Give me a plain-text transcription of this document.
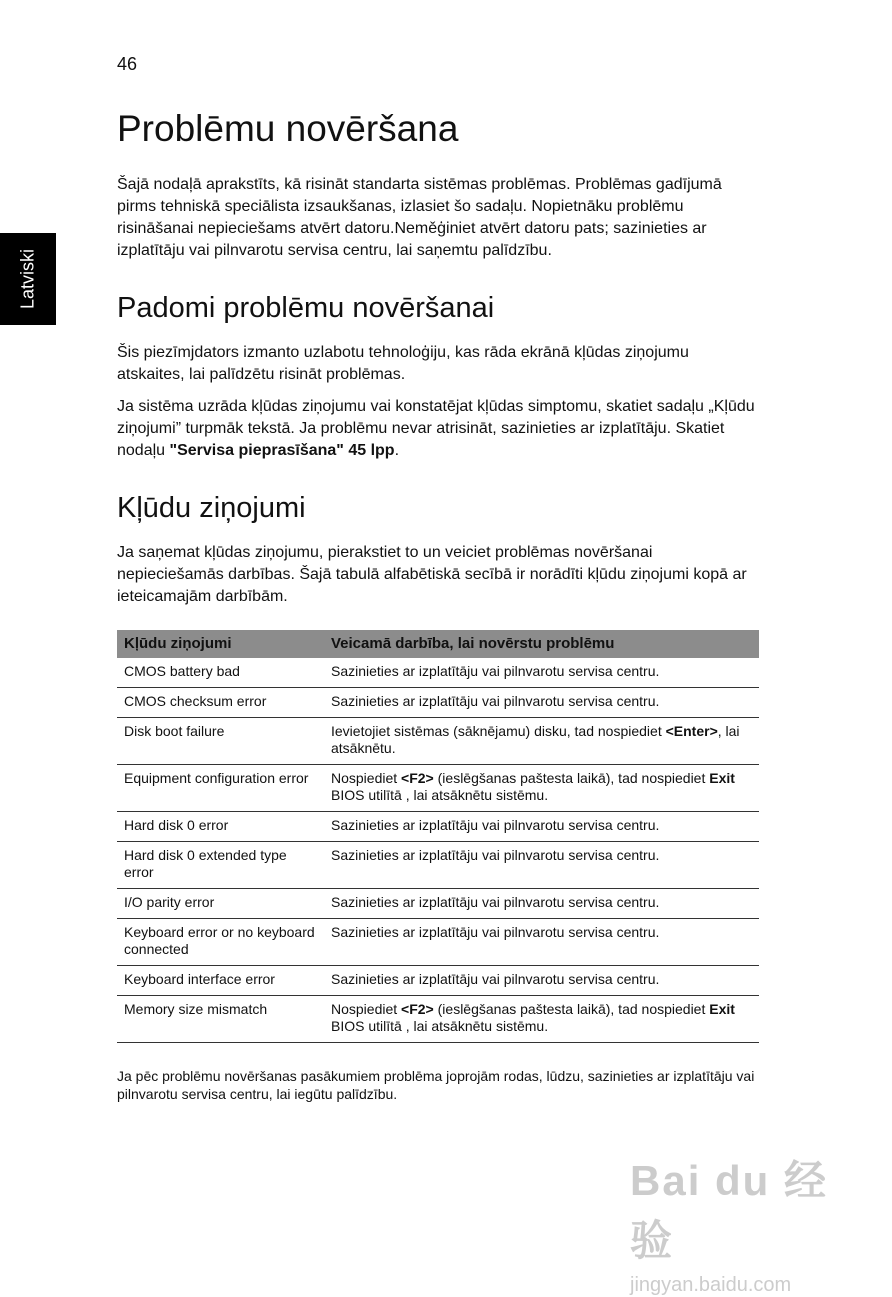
46
Latviski
Problēmu novēršana

Šajā nodaļā aprakstīts, kā risināt standarta sistēmas problēmas. Problēmas gadījumā pirms tehniskā speciālista izsaukšanas, izlasiet šo sadaļu. Nopietnāku problēmu risināšanai nepieciešams atvērt datoru.Neměģiniet atvērt datoru pats; sazinieties ar izplatītāju vai pilnvarotu servisa centru, lai saņemtu palīdzību.

Padomi problēmu novēršanai

Šis piezīmjdators izmanto uzlabotu tehnoloģiju, kas rāda ekrānā kļūdas ziņojumu atskaites, lai palīdzētu risināt problēmas.

Ja sistēma uzrāda kļūdas ziņojumu vai konstatējat kļūdas simptomu, skatiet sadaļu „Kļūdu ziņojumi” turpmāk tekstā. Ja problēmu nevar atrisināt, sazinieties ar izplatītāju. Skatiet nodaļu "Servisa pieprasīšana" 45 lpp.

Kļūdu ziņojumi

Ja saņemat kļūdas ziņojumu, pierakstiet to un veiciet problēmas novēršanai nepieciešamās darbības. Šajā tabulā alfabētiskā secībā ir norādīti kļūdu ziņojumi kopā ar ieteicamajām darbībām.

Kļūdu ziņojumi	Veicamā darbība, lai novērstu problēmu
CMOS battery bad	Sazinieties ar izplatītāju vai pilnvarotu servisa centru.
CMOS checksum error	Sazinieties ar izplatītāju vai pilnvarotu servisa centru.
Disk boot failure	Ievietojiet sistēmas (sāknējamu) disku, tad nospiediet <Enter>, lai atsāknētu.
Equipment configuration error	Nospiediet <F2> (ieslēgšanas paštesta laikā), tad nospiediet Exit BIOS utilītā , lai atsāknētu sistēmu.
Hard disk 0 error	Sazinieties ar izplatītāju vai pilnvarotu servisa centru.
Hard disk 0 extended type error	Sazinieties ar izplatītāju vai pilnvarotu servisa centru.
I/O parity error	Sazinieties ar izplatītāju vai pilnvarotu servisa centru.
Keyboard error or no keyboard connected	Sazinieties ar izplatītāju vai pilnvarotu servisa centru.
Keyboard interface error	Sazinieties ar izplatītāju vai pilnvarotu servisa centru.
Memory size mismatch	Nospiediet <F2> (ieslēgšanas paštesta laikā), tad nospiediet Exit BIOS utilītā , lai atsāknētu sistēmu.

Ja pēc problēmu novēršanas pasākumiem problēma joprojām rodas, lūdzu, sazinieties ar izplatītāju vai pilnvarotu servisa centru, lai iegūtu palīdzību.

Bai du 经验
jingyan.baidu.com
